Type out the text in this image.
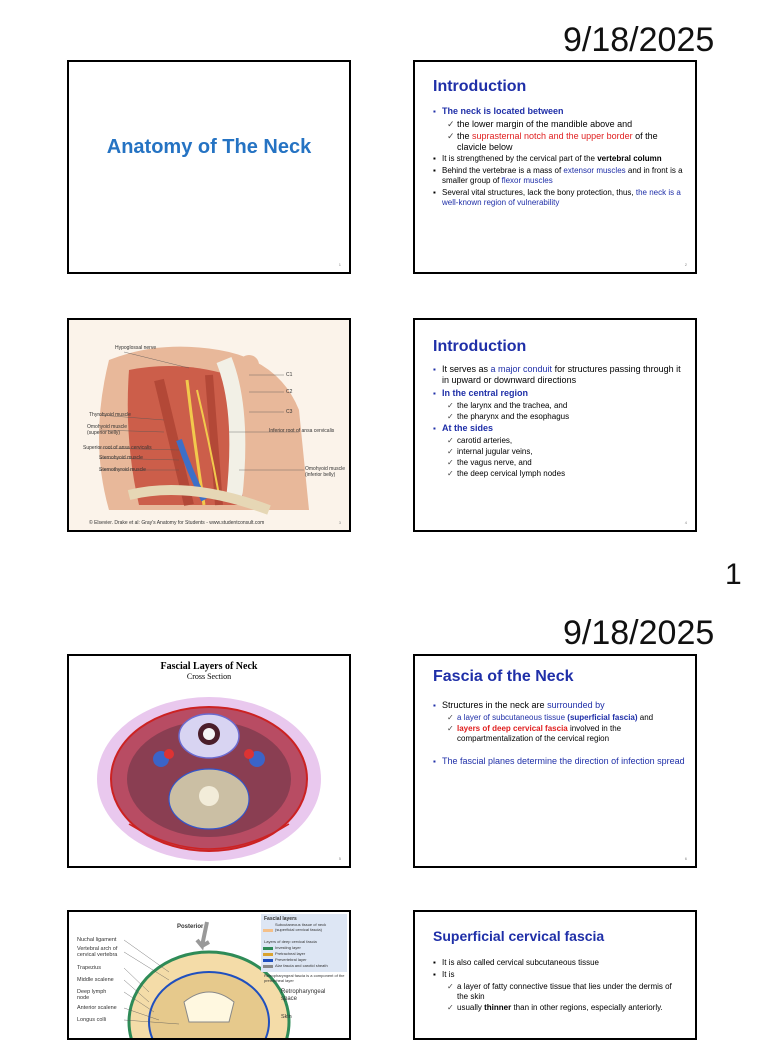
9/18/2025
Anatomy of The Neck
1
Introduction
▪ The neck is located between
✓ the lower margin of the mandible above and
✓ the suprasternal notch and the upper border of the clavicle below
▪ It is strengthened by the cervical part of the vertebral column
▪ Behind the vertebrae is a mass of extensor muscles and in front is a smaller group of flexor muscles
▪ Several vital structures, lack the bony protection, thus, the neck is a well-known region of vulnerability
2
Hypoglossal nerve
C1
C2
C3
Thyrohyoid muscle
Omohyoid muscle (superior belly)
Superior root of ansa cervicalis
Sternohyoid muscle
Sternothyroid muscle
Inferior root of ansa cervicalis
Omohyoid muscle (inferior belly)
© Elsevier. Drake et al: Gray's Anatomy for Students - www.studentconsult.com	3
Introduction
▪ It serves as a major conduit for structures passing through it in upward or downward directions
▪ In the central region
✓ the larynx and the trachea, and
✓ the pharynx and the esophagus
▪ At the sides
✓ carotid arteries,
✓ internal jugular veins,
✓ the vagus nerve, and
✓ the deep cervical lymph nodes
4
1
9/18/2025
Fascial Layers of Neck
Cross Section
5
Fascia of the Neck
▪ Structures in the neck are surrounded by
✓ a layer of subcutaneous tissue (superficial fascia) and
✓ layers of deep cervical fascia involved in the compartmentalization of the cervical region
▪ The fascial planes determine the direction of infection spread
6
Posterior
Nuchal ligament
Vertebral arch of cervical vertebra
Trapezius
Middle scalene
Deep lymph node
Anterior scalene
Longus colli
Fascial layers
Subcutaneous tissue of neck (superficial cervical fascia)
Layers of deep cervical fascia
Investing layer
Pretracheal layer
Prevertebral layer
Alar fascia and carotid sheath
Retropharyngeal fascia is a component of the pretracheal layer
Retropharyngeal space
Skin
Superficial cervical fascia
▪ It is also called cervical subcutaneous tissue
▪ It is
✓ a layer of fatty connective tissue that lies under the dermis of the skin
✓ usually thinner than in other regions, especially anteriorly.
